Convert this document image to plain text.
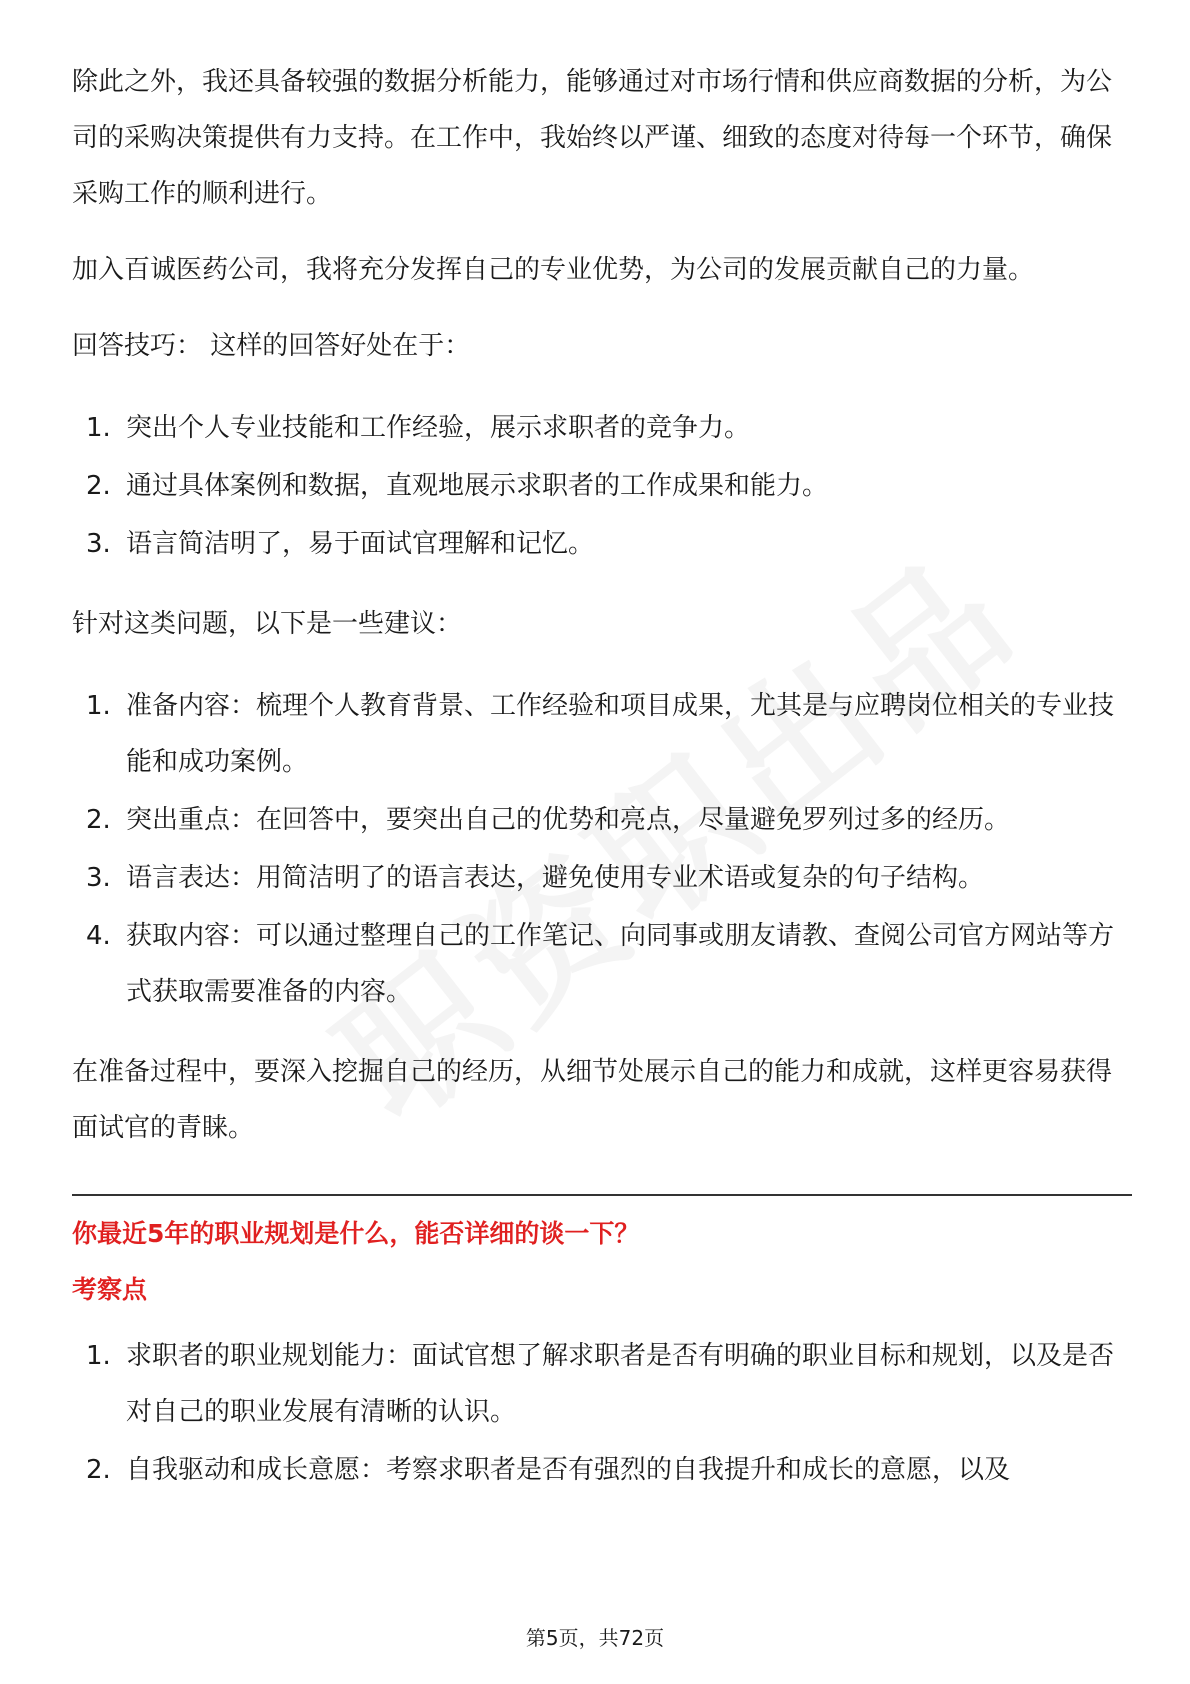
除此之外，我还具备较强的数据分析能力，能够通过对市场行情和供应商数据的分析，为公司的采购决策提供有力支持。在工作中，我始终以严谨、细致的态度对待每一个环节，确保采购工作的顺利进行。

加入百诚医药公司，我将充分发挥自己的专业优势，为公司的发展贡献自己的力量。

回答技巧： 这样的回答好处在于：

1. 突出个人专业技能和工作经验，展示求职者的竞争力。
2. 通过具体案例和数据，直观地展示求职者的工作成果和能力。
3. 语言简洁明了，易于面试官理解和记忆。

针对这类问题，以下是一些建议：

1. 准备内容：梳理个人教育背景、工作经验和项目成果，尤其是与应聘岗位相关的专业技能和成功案例。
2. 突出重点：在回答中，要突出自己的优势和亮点，尽量避免罗列过多的经历。
3. 语言表达：用简洁明了的语言表达，避免使用专业术语或复杂的句子结构。
4. 获取内容：可以通过整理自己的工作笔记、向同事或朋友请教、查阅公司官方网站等方式获取需要准备的内容。

在准备过程中，要深入挖掘自己的经历，从细节处展示自己的能力和成就，这样更容易获得面试官的青睐。

你最近5年的职业规划是什么，能否详细的谈一下？

考察点

1. 求职者的职业规划能力：面试官想了解求职者是否有明确的职业目标和规划，以及是否对自己的职业发展有清晰的认识。
2. 自我驱动和成长意愿：考察求职者是否有强烈的自我提升和成长的意愿，以及
第5页，共72页
